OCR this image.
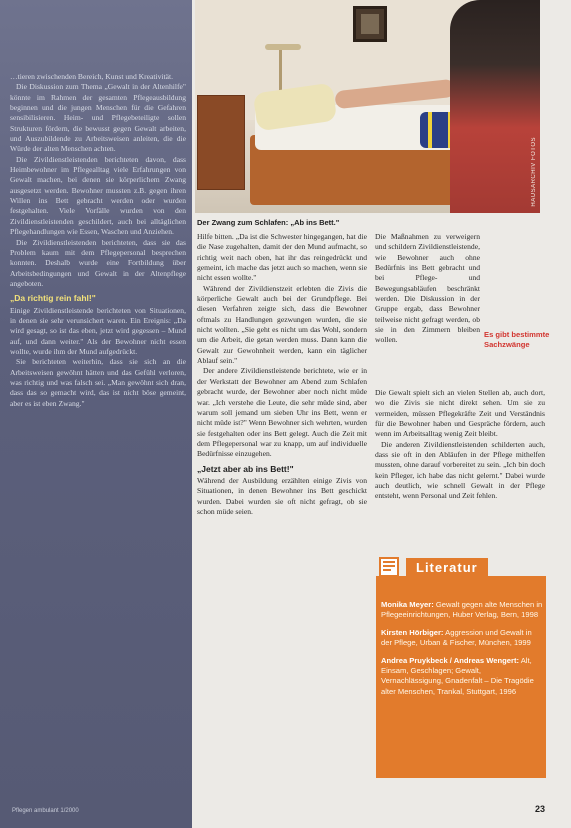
HAUSARCHIV FOTOS
Der Zwang zum Schlafen: „Ab ins Bett."

…tieren zwischenden Bereich, Kunst und Kreativität.

Die Diskussion zum Thema „Gewalt in der Altenhilfe" könnte im Rahmen der gesamten Pflegeausbildung beginnen und die jungen Menschen für die Gefahren sensibilisieren. Heim- und Pflegebeteiligte sollen Strukturen fördern, die bewusst gegen Gewalt arbeiten, und Auszubildende zu Arbeitsweisen anleiten, die die Würde der alten Menschen achten.

Die Zivildienstleistenden berichteten davon, dass Heimbewohner im Pflegealltag viele Erfahrungen von Gewalt machen, bei denen sie körperlichem Zwang ausgesetzt werden. Bewohner mussten z.B. gegen ihren Willen ins Bett gebracht werden oder wurden festgehalten. Viele Vorfälle wurden von den Zivildienstleistenden geschildert, auch bei alltäglichen Pflegehandlungen wie Essen, Waschen und Anziehen.

Die Zivildienstleistenden berichteten, dass sie das Problem kaum mit dem Pflegepersonal besprechen konnten. Deshalb wurde eine Fortbildung über Arbeitsbedingungen und Gewalt in der Altenpflege angeboten.

„Da richtig rein fahl!"

Einige Zivildienstleistende berichteten von Situationen, in denen sie sehr verunsichert waren. Ein Ereignis: „Da wird gesagt, so ist das eben, jetzt wird gegessen – Mund auf, und dann weiter." Als der Bewohner nicht essen wollte, wurde ihm der Mund aufgedrückt.

Sie berichteten weiterhin, dass sie sich an die Arbeitsweisen gewöhnt hätten und das Gefühl verloren, was richtig und was falsch sei. „Man gewöhnt sich dran, dass das so gemacht wird, das ist nicht böse gemeint, aber es ist eben Zwang."

Hilfe bitten. „Da ist die Schwester hingegangen, hat die die Nase zugehalten, damit der den Mund aufmacht, so richtig weit nach oben, hat ihr das reingedrückt und gemeint, ich mache das jetzt auch so machen, wenn sie nicht essen wollte."

Während der Zivildienstzeit erlebten die Zivis die körperliche Gewalt auch bei der Grundpflege. Bei diesen Verfahren zeigte sich, dass die Bewohner oftmals zu Handlungen gezwungen wurden, die sie nicht wollten. „Sie geht es nicht um das Wohl, sondern um die Arbeit, die getan werden muss. Dann kann die Gewalt zur Gewohnheit werden, kann ein täglicher Ablauf sein."

Der andere Zivildienstleistende berichtete, wie er in der Werkstatt der Bewohner am Abend zum Schlafen gebracht wurde, der Bewohner aber noch nicht müde war. „Ich verstehe die Leute, die sehr müde sind, aber warum soll jemand um sieben Uhr ins Bett, wenn er nicht müde ist?" Wenn Bewohner sich wehrten, wurden sie festgehalten oder ins Bett gelegt. Auch die Zeit mit dem Pflegepersonal war zu knapp, um auf individuelle Bedürfnisse einzugehen.

„Jetzt aber ab ins Bett!"

Während der Ausbildung erzählten einige Zivis von Situationen, in denen Bewohner ins Bett geschickt wurden. Dabei wurden sie oft nicht gefragt, ob sie schon müde seien.

Die Maßnahmen zu verweigern und schildern Zivildienstleistende, wie Bewohner auch ohne Bedürfnis ins Bett gebracht und bei Pflege- und Bewegungsabläufen beschränkt werden. Die Diskussion in der Gruppe ergab, dass Bewohner teilweise nicht gefragt werden, ob sie in den Zimmern bleiben wollen.

Die Gewalt spielt sich an vielen Stellen ab, auch dort, wo die Zivis sie nicht direkt sehen. Um sie zu vermeiden, müssen Pflegekräfte Zeit und Verständnis für die Bewohner haben und Gespräche fördern, auch wenn im Arbeitsalltag wenig Zeit bleibt.

Die anderen Zivildienstleistenden schilderten auch, dass sie oft in den Abläufen in der Pflege mithelfen mussten, ohne darauf vorbereitet zu sein. „Ich bin doch kein Pfleger, ich habe das nicht gelernt." Dabei wurde auch deutlich, wie schnell Gewalt in der Pflege entsteht, wenn Personal und Zeit fehlen.

Es gibt bestimmte Sachzwänge
Literatur
Monika Meyer: Gewalt gegen alte Menschen in Pflegeeinrichtungen, Huber Verlag, Bern, 1998
Kirsten Hörbiger: Aggression und Gewalt in der Pflege, Urban & Fischer, München, 1999
Andrea Pruykbeck / Andreas Wengert: Alt, Einsam, Geschlagen; Gewalt, Vernachlässigung, Gnadenfalt – Die Tragödie alter Menschen, Trankal, Stuttgart, 1996
Pflegen ambulant 1/2000	23
